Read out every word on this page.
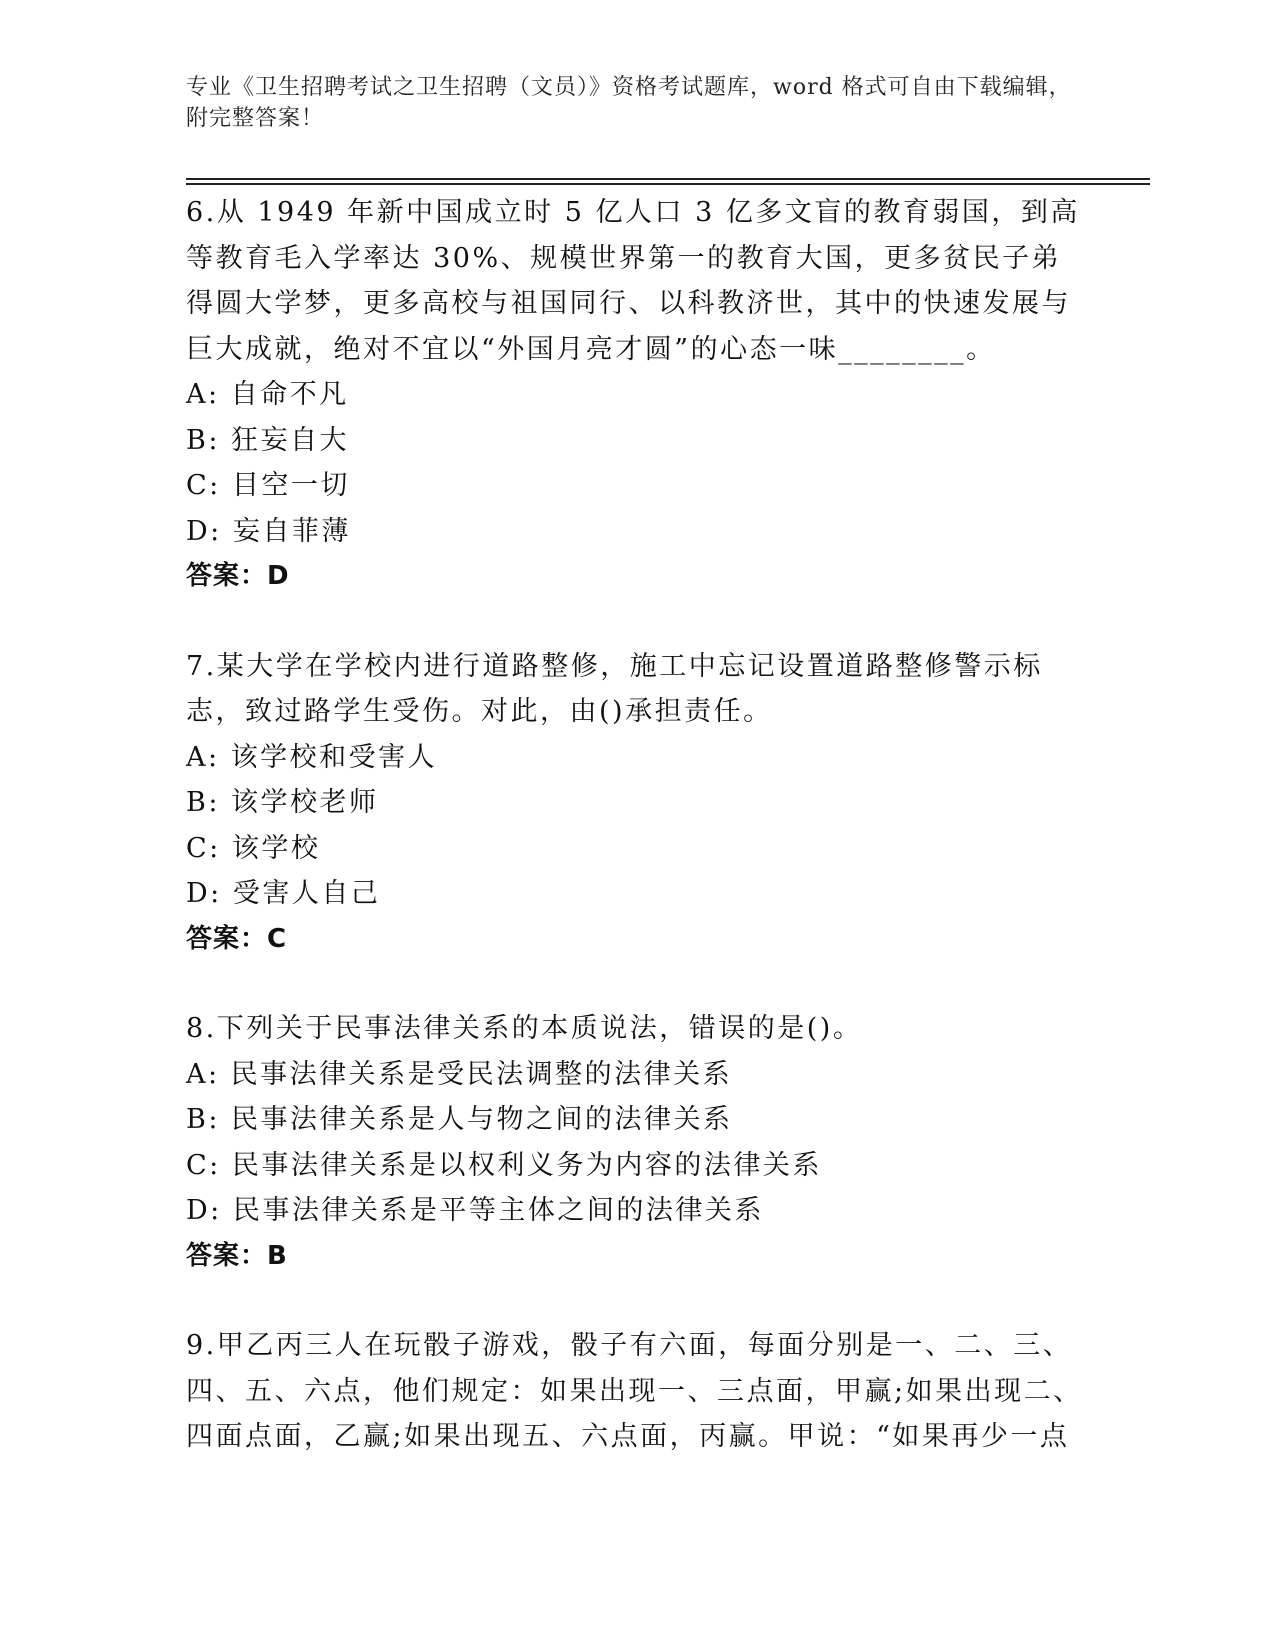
专业《卫生招聘考试之卫生招聘（文员）》资格考试题库，word 格式可自由下载编辑，附完整答案！

6.从 1949 年新中国成立时 5 亿人口 3 亿多文盲的教育弱国，到高等教育毛入学率达 30%、规模世界第一的教育大国，更多贫民子弟得圆大学梦，更多高校与祖国同行、以科教济世，其中的快速发展与巨大成就，绝对不宜以“外国月亮才圆”的心态一味________。

A: 自命不凡

B: 狂妄自大

C: 目空一切

D: 妄自菲薄

答案：D

7.某大学在学校内进行道路整修，施工中忘记设置道路整修警示标志，致过路学生受伤。对此，由()承担责任。

A: 该学校和受害人

B: 该学校老师

C: 该学校

D: 受害人自己

答案：C

8.下列关于民事法律关系的本质说法，错误的是()。

A: 民事法律关系是受民法调整的法律关系

B: 民事法律关系是人与物之间的法律关系

C: 民事法律关系是以权利义务为内容的法律关系

D: 民事法律关系是平等主体之间的法律关系

答案：B

9.甲乙丙三人在玩骰子游戏，骰子有六面，每面分别是一、二、三、四、五、六点，他们规定：如果出现一、三点面，甲赢;如果出现二、四面点面，乙赢;如果出现五、六点面，丙赢。甲说：“如果再少一点
